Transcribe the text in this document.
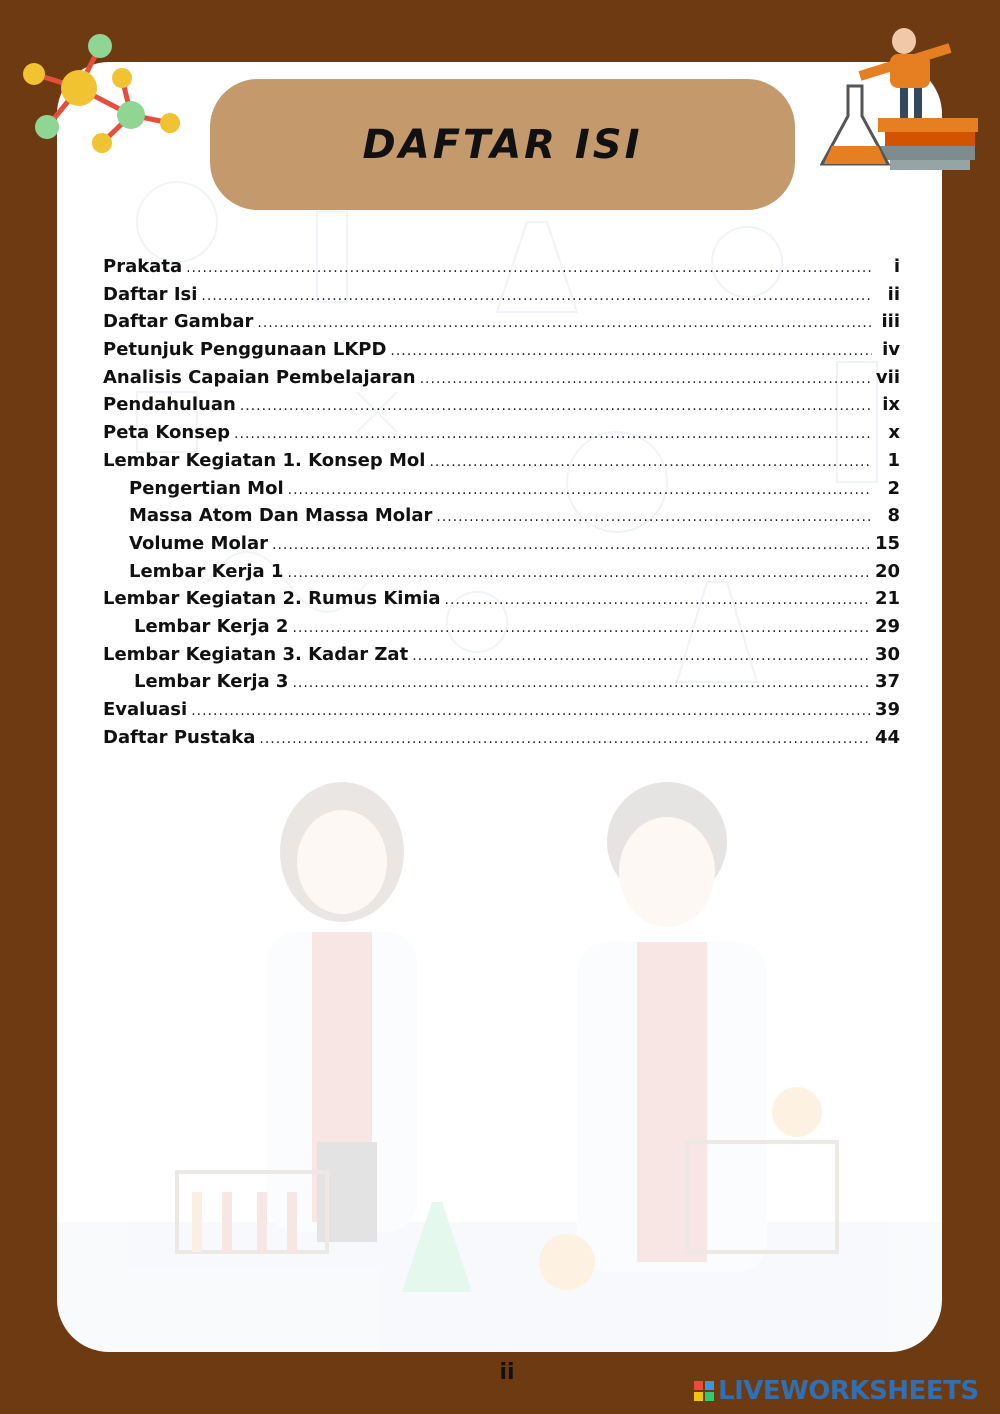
DAFTAR ISI
Prakata .....	i
Daftar Isi .....	ii
Daftar Gambar .....	iii
Petunjuk Penggunaan LKPD .....	iv
Analisis Capaian Pembelajaran .....	vii
Pendahuluan .....	ix
Peta Konsep .....	x
Lembar Kegiatan 1. Konsep Mol .....	1
Pengertian Mol .....	2
Massa Atom Dan Massa Molar .....	8
Volume Molar .....	15
Lembar Kerja 1 .....	20
Lembar Kegiatan 2. Rumus Kimia .....	21
Lembar Kerja 2 .....	29
Lembar Kegiatan 3. Kadar Zat .....	30
Lembar Kerja 3 .....	37
Evaluasi .....	39
Daftar Pustaka .....	44
ii
LIVEWORKSHEETS
